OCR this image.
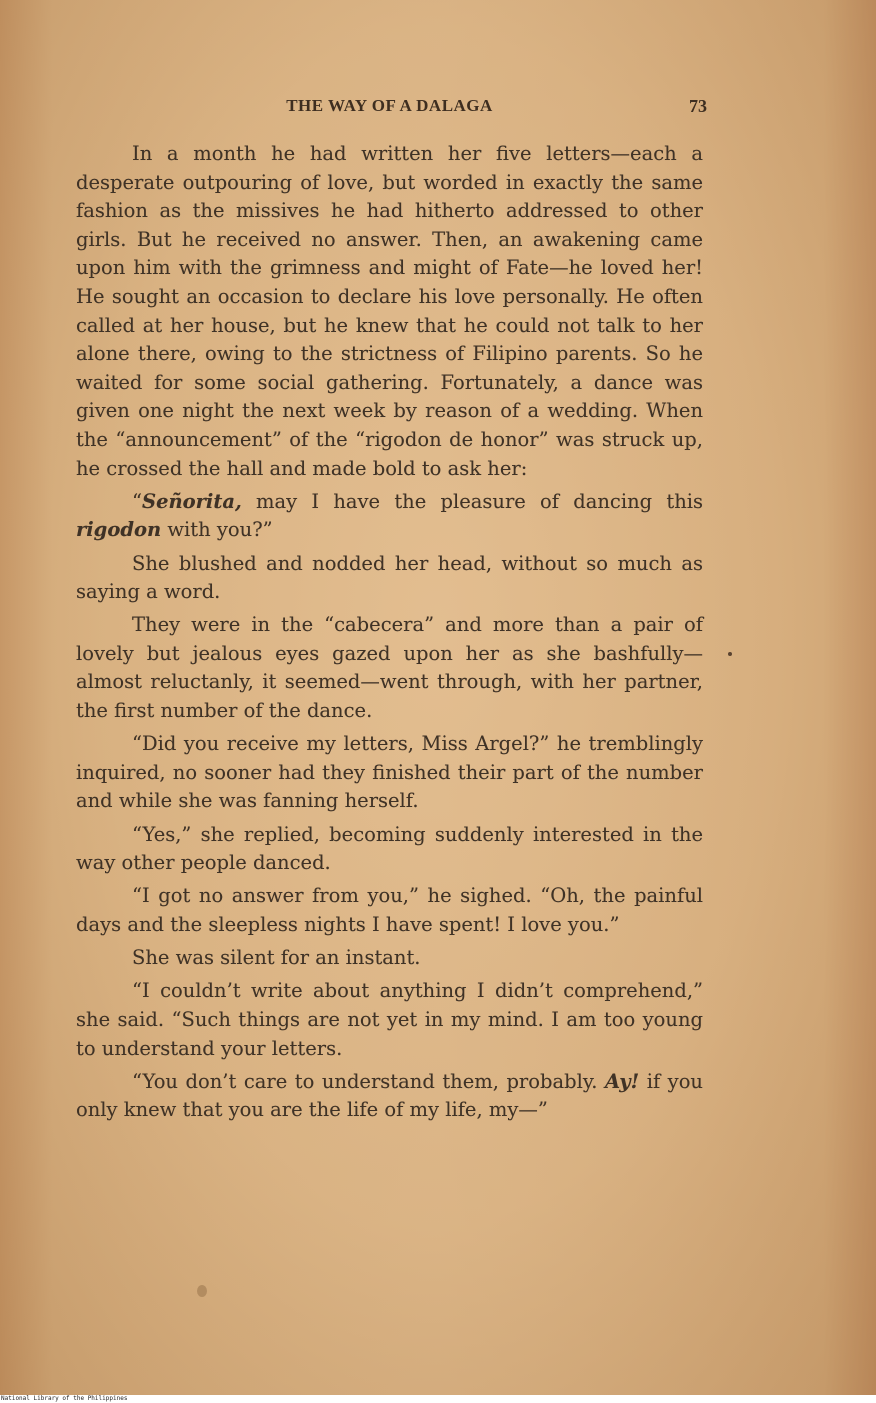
THE WAY OF A DALAGA	73

In a month he had written her five letters—each a desperate outpouring of love, but worded in exactly the same fashion as the missives he had hitherto addressed to other girls. But he received no answer. Then, an awakening came upon him with the grimness and might of Fate—he loved her! He sought an occasion to declare his love personally. He often called at her house, but he knew that he could not talk to her alone there, owing to the strictness of Filipino parents. So he waited for some social gathering. Fortunately, a dance was given one night the next week by reason of a wedding. When the “announcement” of the “rigodon de honor” was struck up, he crossed the hall and made bold to ask her:

“Señorita, may I have the pleasure of dancing this rigodon with you?”

She blushed and nodded her head, without so much as saying a word.

They were in the “cabecera” and more than a pair of lovely but jealous eyes gazed upon her as she bashfully—almost reluctanly, it seemed—went through, with her partner, the first number of the dance.

“Did you receive my letters, Miss Argel?” he tremblingly inquired, no sooner had they finished their part of the number and while she was fanning herself.

“Yes,” she replied, becoming suddenly interested in the way other people danced.

“I got no answer from you,” he sighed. “Oh, the painful days and the sleepless nights I have spent! I love you.”

She was silent for an instant.

“I couldn’t write about anything I didn’t comprehend,” she said. “Such things are not yet in my mind. I am too young to understand your letters.

“You don’t care to understand them, probably. Ay! if you only knew that you are the life of my life, my—”

National Library of the Philippines
